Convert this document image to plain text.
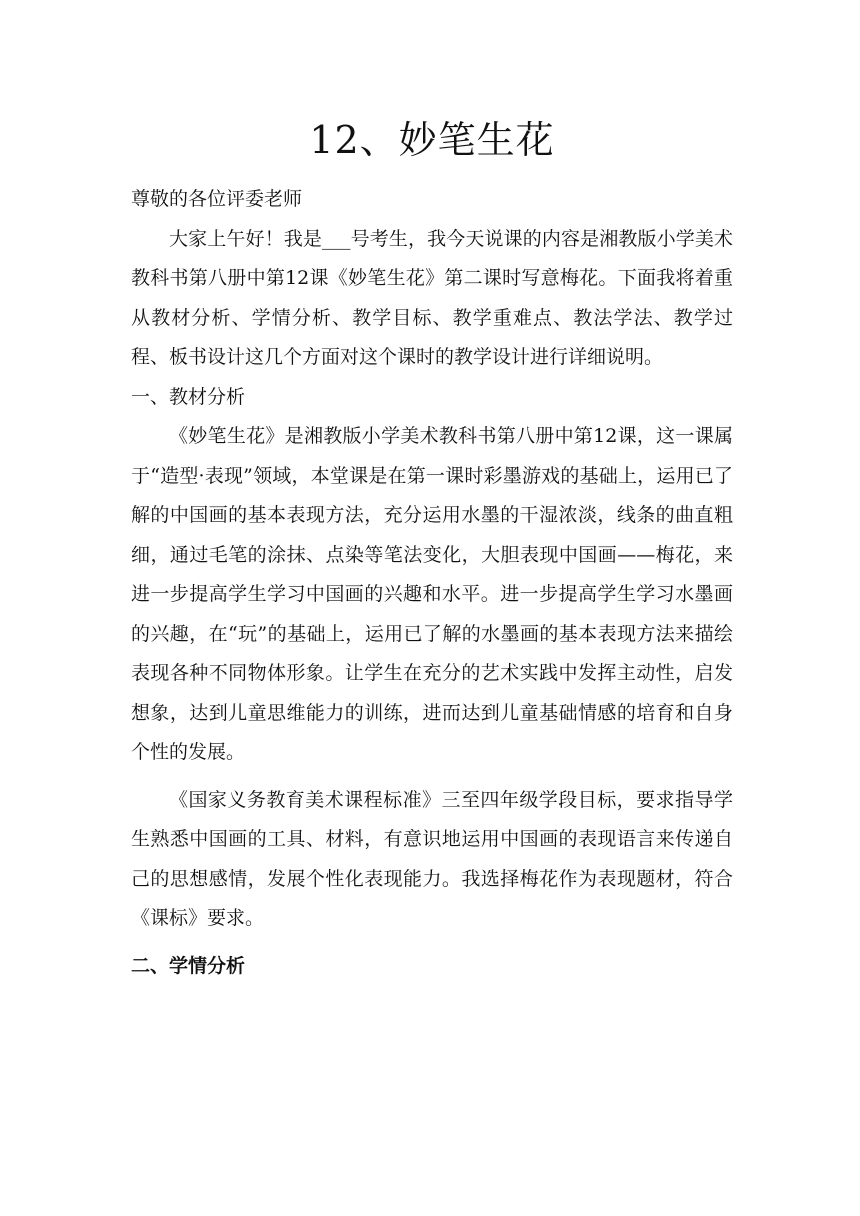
12、妙笔生花

尊敬的各位评委老师

大家上午好！我是___号考生，我今天说课的内容是湘教版小学美术教科书第八册中第12课《妙笔生花》第二课时写意梅花。下面我将着重从教材分析、学情分析、教学目标、教学重难点、教法学法、教学过程、板书设计这几个方面对这个课时的教学设计进行详细说明。

一、教材分析

《妙笔生花》是湘教版小学美术教科书第八册中第12课，这一课属于“造型·表现”领域，本堂课是在第一课时彩墨游戏的基础上，运用已了解的中国画的基本表现方法，充分运用水墨的干湿浓淡，线条的曲直粗细，通过毛笔的涂抹、点染等笔法变化，大胆表现中国画——梅花，来进一步提高学生学习中国画的兴趣和水平。进一步提高学生学习水墨画的兴趣，在“玩”的基础上，运用已了解的水墨画的基本表现方法来描绘表现各种不同物体形象。让学生在充分的艺术实践中发挥主动性，启发想象，达到儿童思维能力的训练，进而达到儿童基础情感的培育和自身个性的发展。

《国家义务教育美术课程标准》三至四年级学段目标，要求指导学生熟悉中国画的工具、材料，有意识地运用中国画的表现语言来传递自己的思想感情，发展个性化表现能力。我选择梅花作为表现题材，符合《课标》要求。

二、学情分析
